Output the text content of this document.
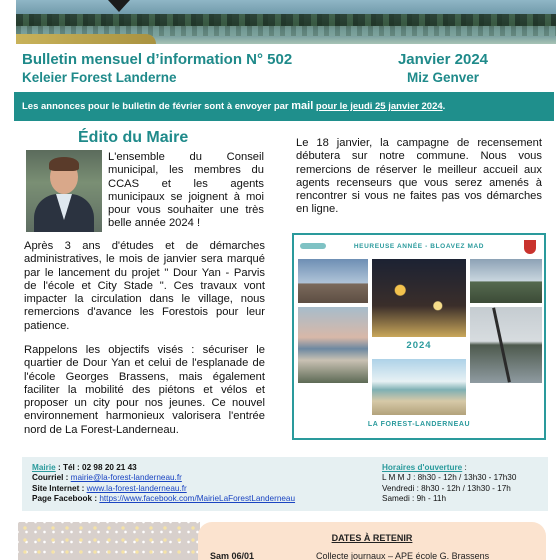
Bulletin mensuel d’information N° 502	Janvier 2024
Keleier Forest Landerne	Miz Genver
Les annonces pour le bulletin de février sont à envoyer par mail pour le jeudi 25 janvier 2024.
Édito du Maire

L'ensemble du Conseil municipal, les membres du CCAS et les agents municipaux se joignent à moi pour vous souhaiter une très belle année 2024 !

Après 3 ans d'études et de démarches administratives, le mois de janvier sera marqué par le lancement du projet " Dour Yan - Parvis de l'école et City Stade ". Ces travaux vont impacter la circulation dans le village, nous remercions d'avance les Forestois pour leur patience.

Rappelons les objectifs visés : sécuriser le quartier de Dour Yan et celui de l'esplanade de l'école Georges Brassens, mais également faciliter la mobilité des piétons et vélos et proposer un city pour nos jeunes. Ce nouvel environnement harmonieux valorisera l'entrée nord de La Forest-Landerneau.

Le 18 janvier, la campagne de recensement débutera sur notre commune. Nous vous remercions de réserver le meilleur accueil aux agents recenseurs que vous serez amenés à rencontrer si vous ne faites pas vos démarches en ligne.

HEUREUSE ANNÉE - BLOAVEZ MAD
2024
LA FOREST-LANDERNEAU
Mairie : Tél : 02 98 20 21 43
Courriel : mairie@la-forest-landerneau.fr
Site Internet : www.la-forest-landerneau.fr
Page Facebook : https://www.facebook.com/MairieLaForestLanderneau
Horaires d'ouverture :
L M M J : 8h30 - 12h / 13h30 - 17h30
Vendredi : 8h30 - 12h / 13h30 - 17h
Samedi : 9h - 11h
DATES À RETENIR
Sam 06/01	Collecte journaux – APE école G. Brassens
